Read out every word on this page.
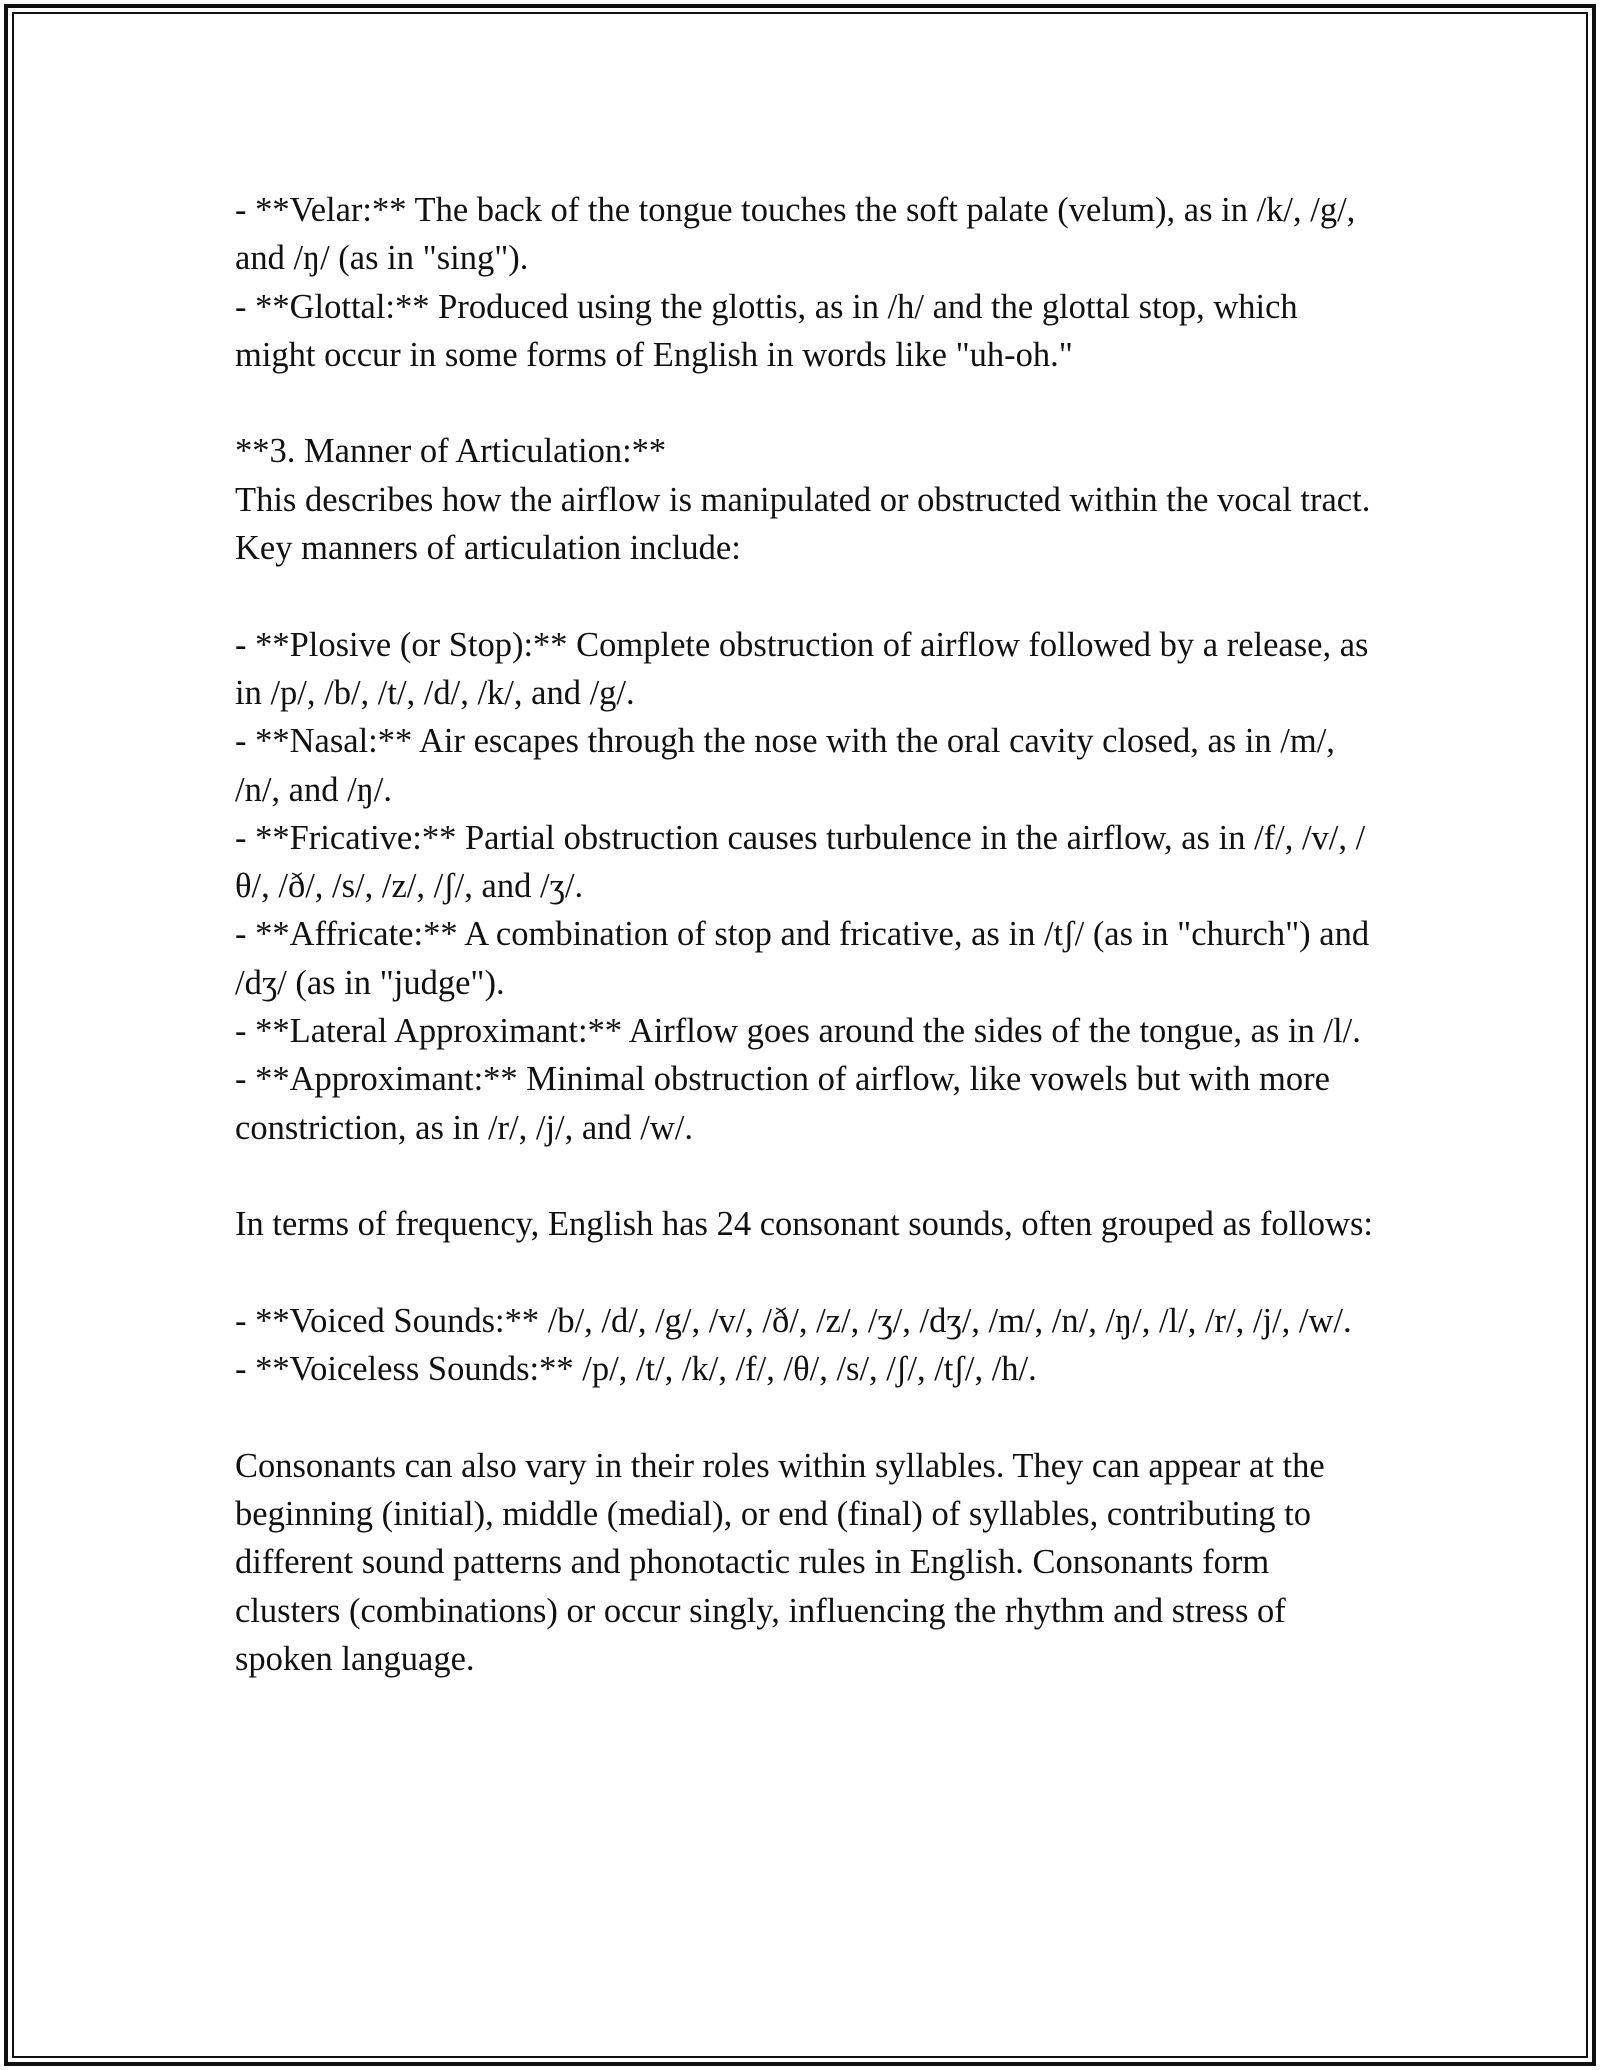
- **Velar:** The back of the tongue touches the soft palate (velum), as in /k/, /g/, and /ŋ/ (as in "sing").
- **Glottal:** Produced using the glottis, as in /h/ and the glottal stop, which might occur in some forms of English in words like "uh-oh."

**3. Manner of Articulation:**
This describes how the airflow is manipulated or obstructed within the vocal tract. Key manners of articulation include:

- **Plosive (or Stop):** Complete obstruction of airflow followed by a release, as in /p/, /b/, /t/, /d/, /k/, and /g/.
- **Nasal:** Air escapes through the nose with the oral cavity closed, as in /m/, /n/, and /ŋ/.
- **Fricative:** Partial obstruction causes turbulence in the airflow, as in /f/, /v/, /θ/, /ð/, /s/, /z/, /ʃ/, and /ʒ/.
- **Affricate:** A combination of stop and fricative, as in /tʃ/ (as in "church") and /dʒ/ (as in "judge").
- **Lateral Approximant:** Airflow goes around the sides of the tongue, as in /l/.
- **Approximant:** Minimal obstruction of airflow, like vowels but with more constriction, as in /r/, /j/, and /w/.

In terms of frequency, English has 24 consonant sounds, often grouped as follows:

- **Voiced Sounds:** /b/, /d/, /g/, /v/, /ð/, /z/, /ʒ/, /dʒ/, /m/, /n/, /ŋ/, /l/, /r/, /j/, /w/.
- **Voiceless Sounds:** /p/, /t/, /k/, /f/, /θ/, /s/, /ʃ/, /tʃ/, /h/.

Consonants can also vary in their roles within syllables. They can appear at the beginning (initial), middle (medial), or end (final) of syllables, contributing to different sound patterns and phonotactic rules in English. Consonants form clusters (combinations) or occur singly, influencing the rhythm and stress of spoken language.
